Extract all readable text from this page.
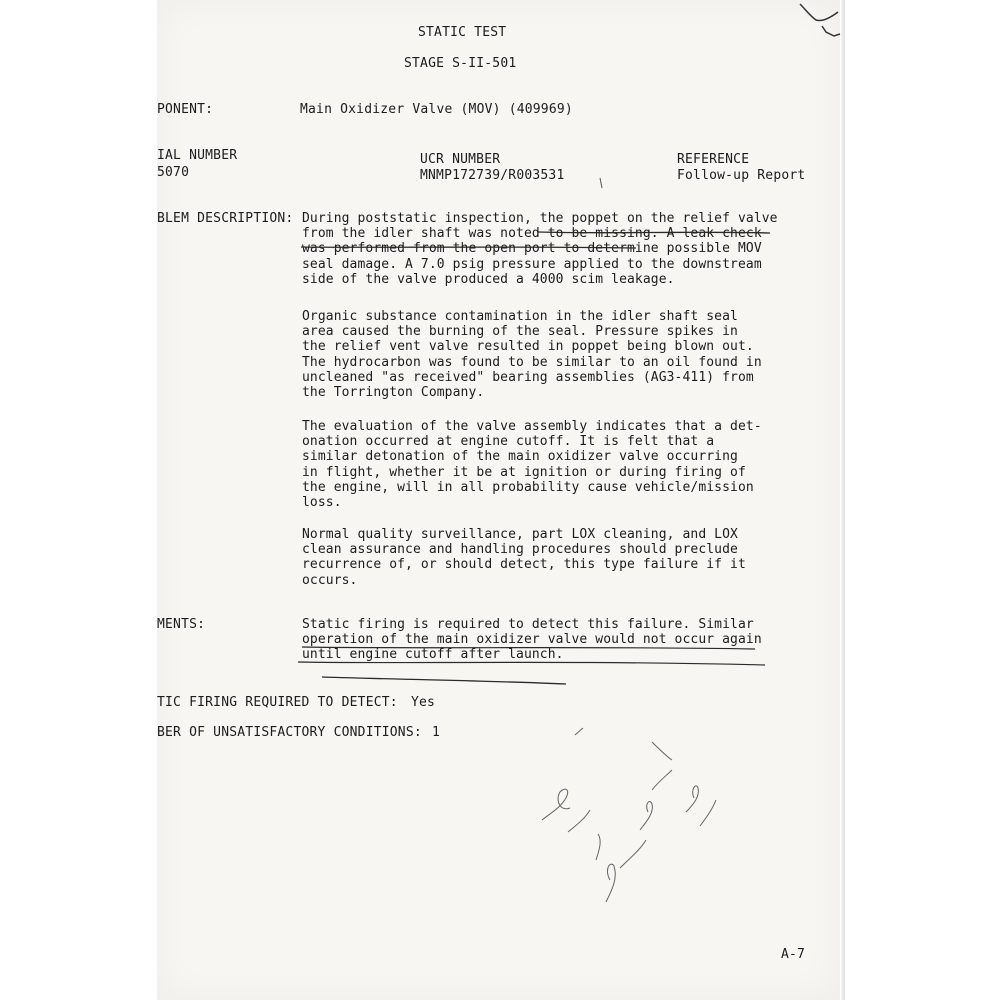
STATIC TEST
STAGE S-II-501
PONENT:	Main Oxidizer Valve (MOV) (409969)
IAL NUMBER
5070
UCR NUMBER
MNMP172739/R003531
REFERENCE
Follow-up Report
BLEM DESCRIPTION: During poststatic inspection, the poppet on the relief valve
from the idler shaft was noted to be missing. A leak check
was performed from the open port to determine possible MOV
seal damage. A 7.0 psig pressure applied to the downstream
side of the valve produced a 4000 scim leakage.
Organic substance contamination in the idler shaft seal
area caused the burning of the seal. Pressure spikes in
the relief vent valve resulted in poppet being blown out.
The hydrocarbon was found to be similar to an oil found in
uncleaned "as received" bearing assemblies (AG3-411) from
the Torrington Company.
The evaluation of the valve assembly indicates that a det-
onation occurred at engine cutoff. It is felt that a
similar detonation of the main oxidizer valve occurring
in flight, whether it be at ignition or during firing of
the engine, will in all probability cause vehicle/mission
loss.
Normal quality surveillance, part LOX cleaning, and LOX
clean assurance and handling procedures should preclude
recurrence of, or should detect, this type failure if it
occurs.
MENTS:	Static firing is required to detect this failure. Similar
operation of the main oxidizer valve would not occur again
until engine cutoff after launch.
TIC FIRING REQUIRED TO DETECT: Yes
BER OF UNSATISFACTORY CONDITIONS: 1
A-7
